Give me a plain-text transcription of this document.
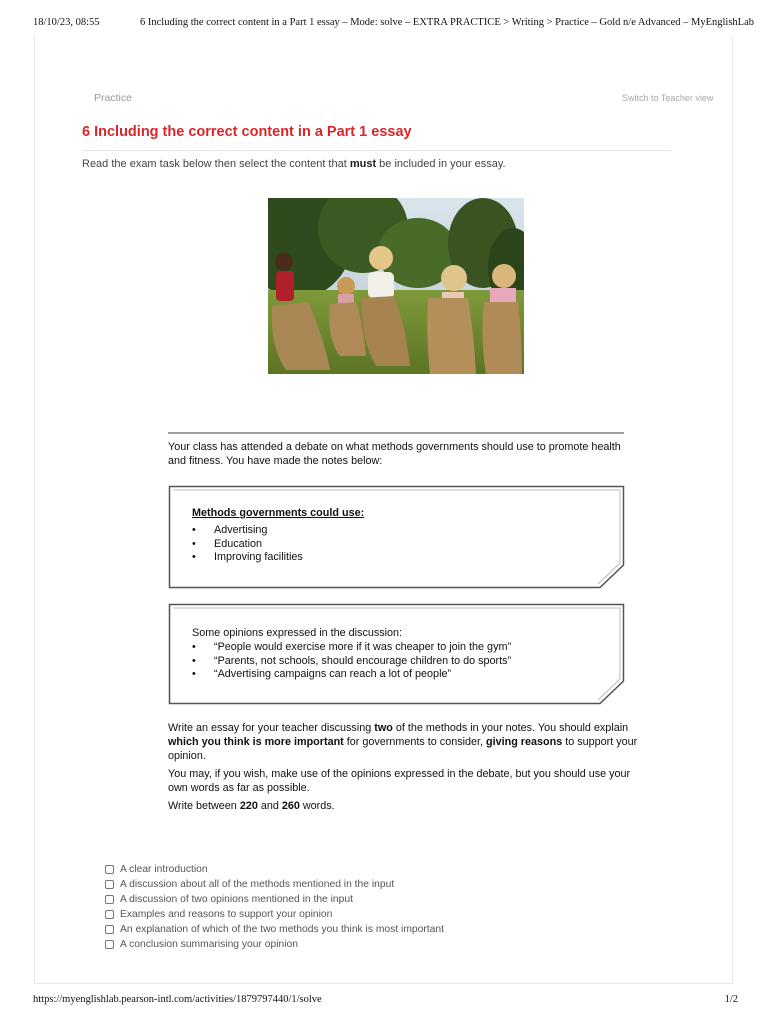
18/10/23, 08:55	6 Including the correct content in a Part 1 essay – Mode: solve – EXTRA PRACTICE > Writing > Practice – Gold n/e Advanced – MyEnglishLab
Practice	Switch to Teacher view
6 Including the correct content in a Part 1 essay

Read the exam task below then select the content that must be included in your essay.

Your class has attended a debate on what methods governments should use to promote health and fitness. You have made the notes below:

Methods governments could use:
• Advertising
• Education
• Improving facilities
Some opinions expressed in the discussion:
• “People would exercise more if it was cheaper to join the gym”
• “Parents, not schools, should encourage children to do sports”
• “Advertising campaigns can reach a lot of people”

Write an essay for your teacher discussing two of the methods in your notes. You should explain which you think is more important for governments to consider, giving reasons to support your opinion.

You may, if you wish, make use of the opinions expressed in the debate, but you should use your own words as far as possible.

Write between 220 and 260 words.

A clear introduction
A discussion about all of the methods mentioned in the input
A discussion of two opinions mentioned in the input
Examples and reasons to support your opinion
An explanation of which of the two methods you think is most important
A conclusion summarising your opinion
https://myenglishlab.pearson-intl.com/activities/1879797440/1/solve	1/2
